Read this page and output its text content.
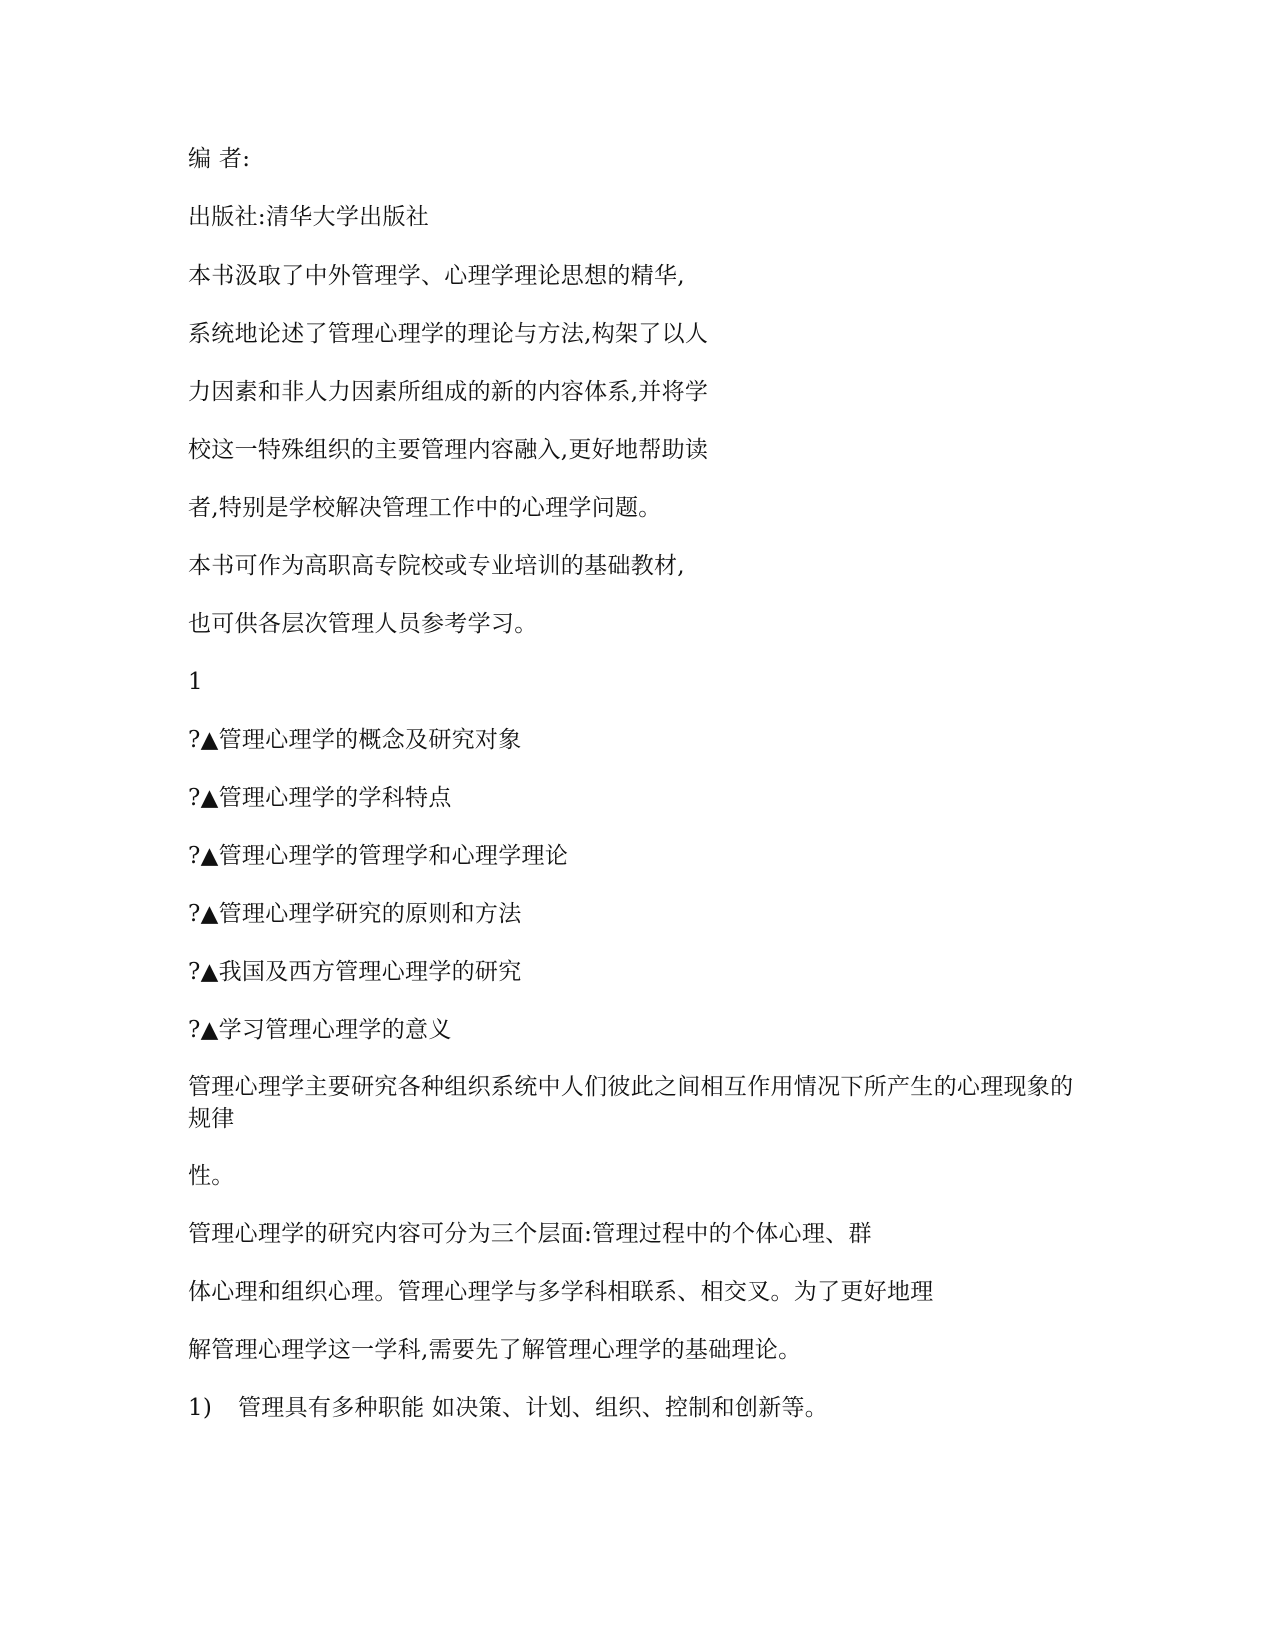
编 者:
出版社:清华大学出版社
本书汲取了中外管理学、心理学理论思想的精华,
系统地论述了管理心理学的理论与方法,构架了以人
力因素和非人力因素所组成的新的内容体系,并将学
校这一特殊组织的主要管理内容融入,更好地帮助读
者,特别是学校解决管理工作中的心理学问题。
本书可作为高职高专院校或专业培训的基础教材,
也可供各层次管理人员参考学习。
1
?▲管理心理学的概念及研究对象
?▲管理心理学的学科特点
?▲管理心理学的管理学和心理学理论
?▲管理心理学研究的原则和方法
?▲我国及西方管理心理学的研究
?▲学习管理心理学的意义
管理心理学主要研究各种组织系统中人们彼此之间相互作用情况下所产生的心理现象的规律
性。
管理心理学的研究内容可分为三个层面:管理过程中的个体心理、群
体心理和组织心理。管理心理学与多学科相联系、相交叉。为了更好地理
解管理心理学这一学科,需要先了解管理心理学的基础理论。
1) 管理具有多种职能 如决策、计划、组织、控制和创新等。
